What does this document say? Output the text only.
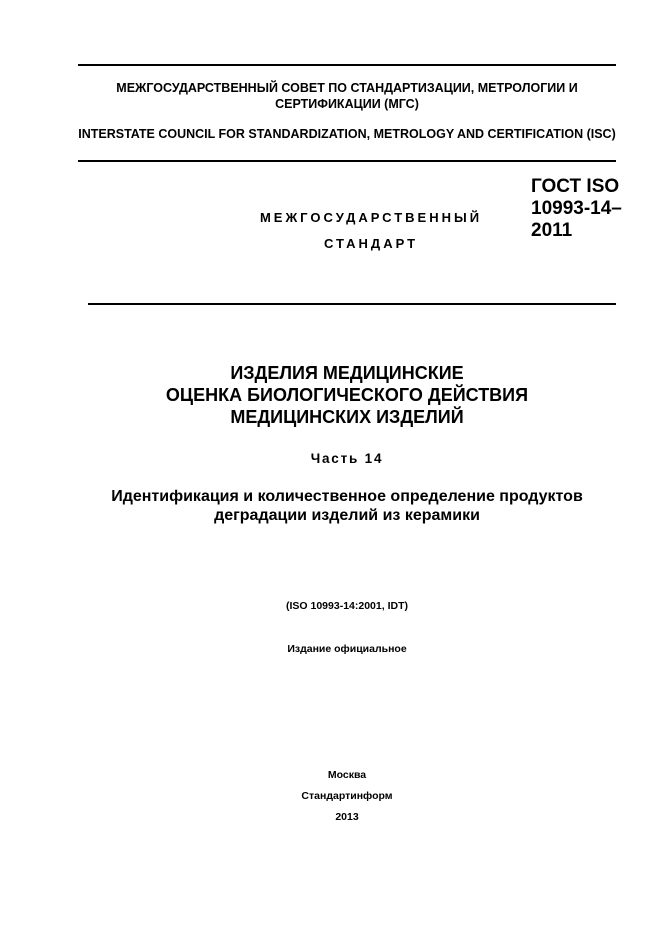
МЕЖГОСУДАРСТВЕННЫЙ СОВЕТ ПО СТАНДАРТИЗАЦИИ, МЕТРОЛОГИИ И СЕРТИФИКАЦИИ (МГС)
INTERSTATE COUNCIL FOR STANDARDIZATION, METROLOGY AND CERTIFICATION (ISC)
МЕЖГОСУДАРСТВЕННЫЙ
СТАНДАРТ
ГОСТ ISO
10993-14–
2011
ИЗДЕЛИЯ МЕДИЦИНСКИЕ
ОЦЕНКА БИОЛОГИЧЕСКОГО ДЕЙСТВИЯ
МЕДИЦИНСКИХ ИЗДЕЛИЙ
Часть 14
Идентификация и количественное определение продуктов
деградации изделий из керамики
(ISO 10993-14:2001, IDT)
Издание официальное
Москва
Стандартинформ
2013
